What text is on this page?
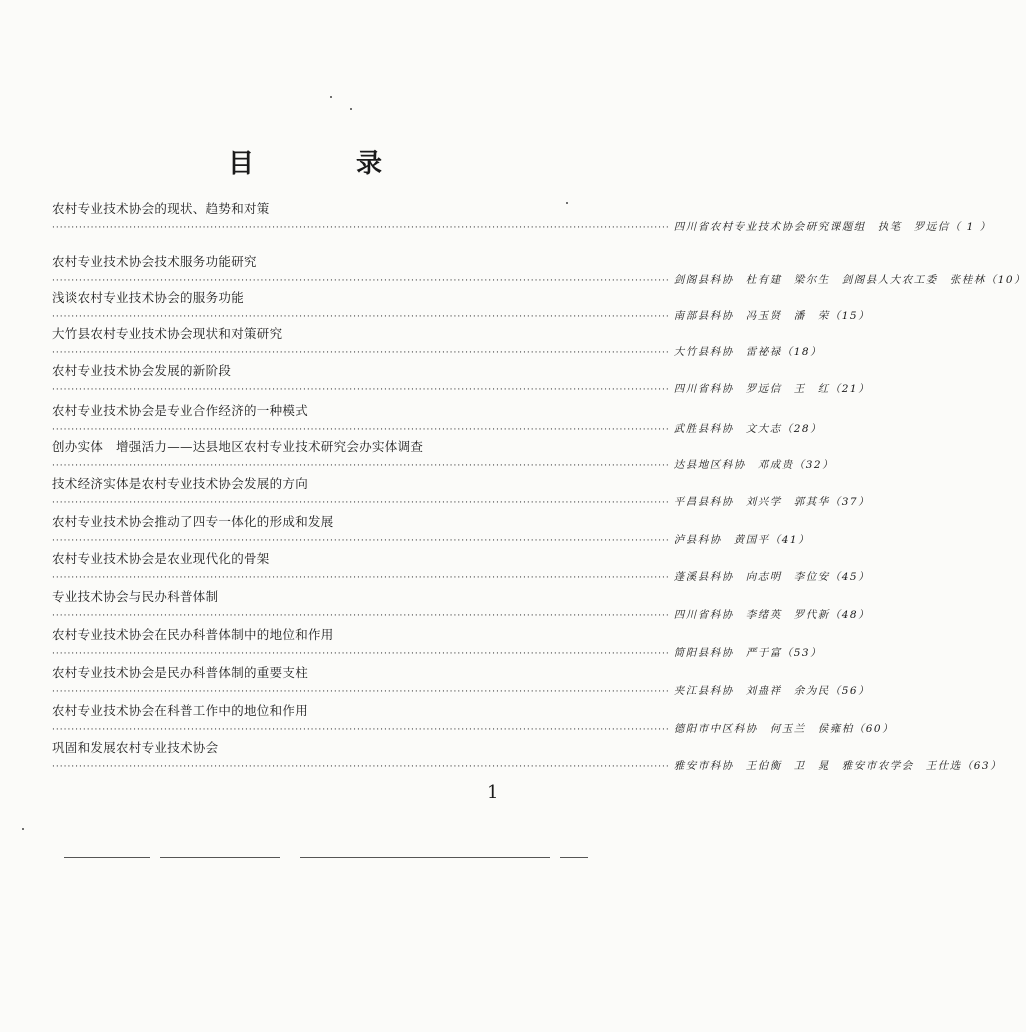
目　录
农村专业技术协会的现状、趋势和对策
································································································································································ 四川省农村专业技术协会研究课题组　执笔　罗远信（ 1 ）
农村专业技术协会技术服务功能研究
································································································································································ 剑阁县科协　杜有建　梁尔生　剑阁县人大农工委　张桂林（10）
浅谈农村专业技术协会的服务功能
································································································································································ 南部县科协　冯玉贤　潘　荣（15）
大竹县农村专业技术协会现状和对策研究
································································································································································ 大竹县科协　雷祕禄（18）
农村专业技术协会发展的新阶段
································································································································································ 四川省科协　罗远信　王　红（21）
农村专业技术协会是专业合作经济的一种模式
································································································································································ 武胜县科协　文大志（28）
创办实体　增强活力——达县地区农村专业技术研究会办实体调查
································································································································································ 达县地区科协　邓成贵（32）
技术经济实体是农村专业技术协会发展的方向
································································································································································ 平昌县科协　刘兴学　郭其华（37）
农村专业技术协会推动了四专一体化的形成和发展
································································································································································ 泸县科协　黄国平（41）
农村专业技术协会是农业现代化的骨架
································································································································································ 蓬溪县科协　向志明　李位安（45）
专业技术协会与民办科普体制
································································································································································ 四川省科协　李绪英　罗代新（48）
农村专业技术协会在民办科普体制中的地位和作用
································································································································································ 简阳县科协　严于富（53）
农村专业技术协会是民办科普体制的重要支柱
································································································································································ 夹江县科协　刘蛊祥　余为民（56）
农村专业技术协会在科普工作中的地位和作用
································································································································································ 德阳市中区科协　何玉兰　侯雍柏（60）
巩固和发展农村专业技术协会
································································································································································ 雅安市科协　王伯衡　卫　晁　雅安市农学会　王仕选（63）
1
